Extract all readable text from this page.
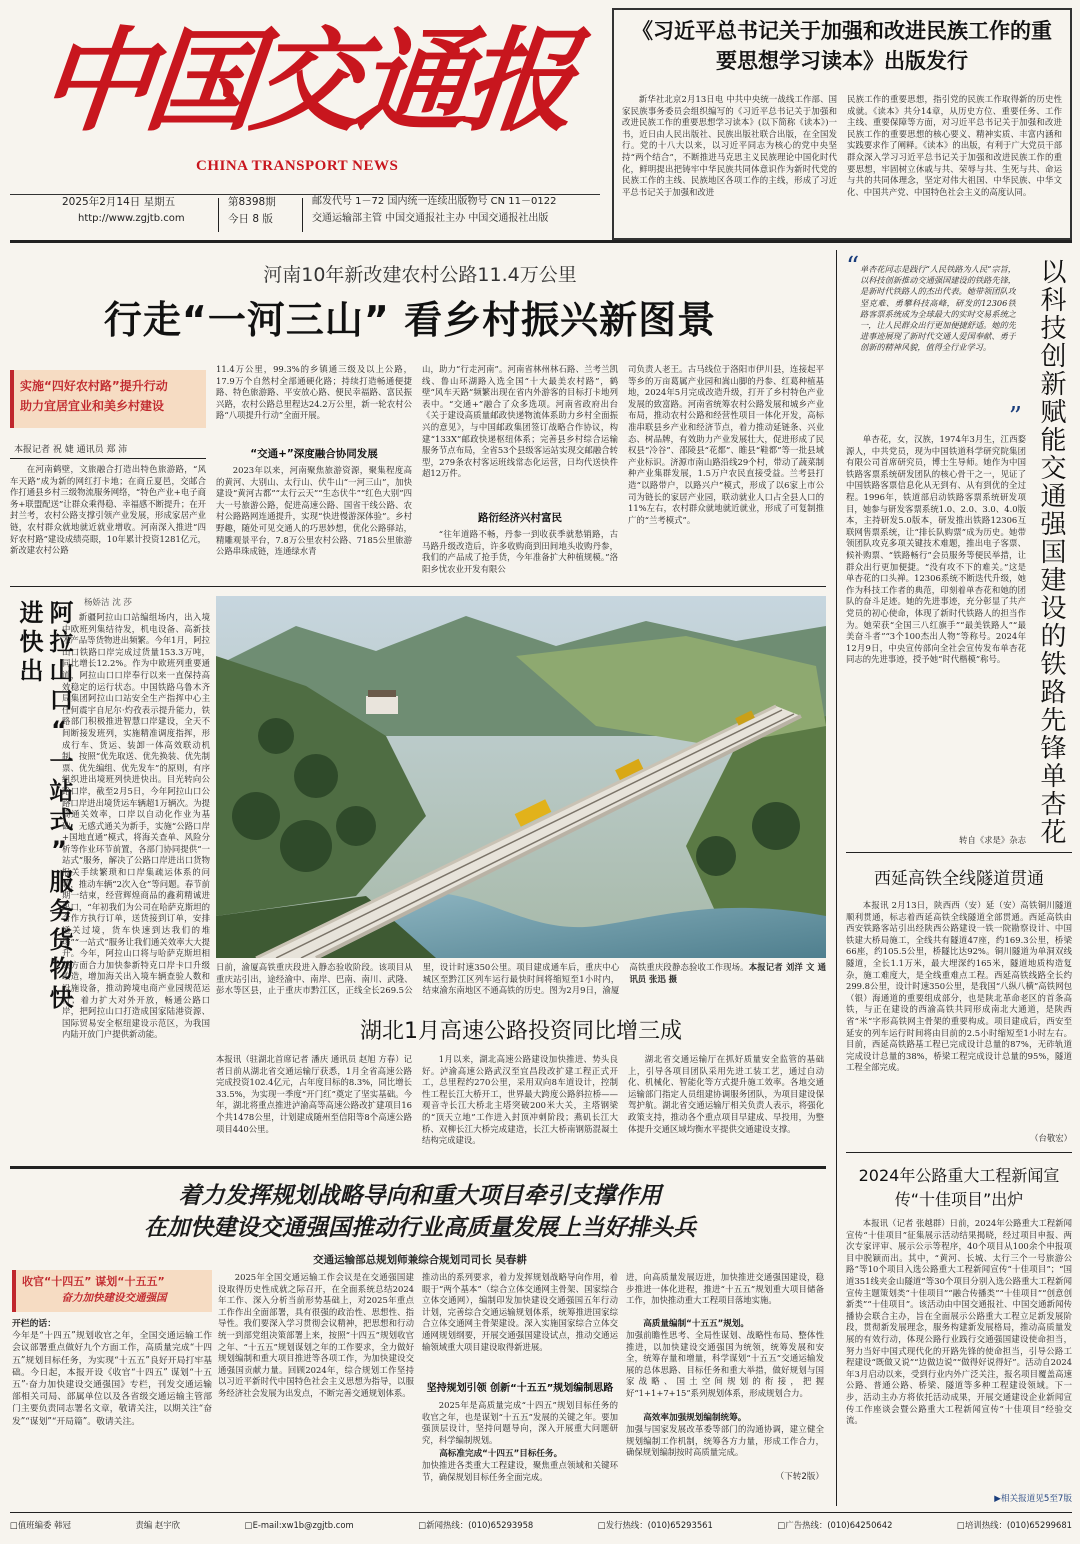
中国交通报
CHINA TRANSPORT NEWS
2025年2月14日 星期五
http://www.zgjtb.com
第8398期
今日 8 版
邮发代号 1－72 国内统一连续出版物号 CN 11－0122
交通运输部主管 中国交通报社主办 中国交通报社出版
《习近平总书记关于加强和改进民族工作的重要思想学习读本》出版发行
新华社北京2月13日电 中共中央统一战线工作部、国家民族事务委员会组织编写的《习近平总书记关于加强和改进民族工作的重要思想学习读本》(以下简称《读本》)一书，近日由人民出版社、民族出版社联合出版，在全国发行。党的十八大以来，以习近平同志为核心的党中央坚持“两个结合”，不断推进马克思主义民族理论中国化时代化，鲜明提出把铸牢中华民族共同体意识作为新时代党的民族工作的主线、民族地区各项工作的主线，形成了习近平总书记关于加强和改进
民族工作的重要思想，指引党的民族工作取得新的历史性成就。《读本》共分14章，从历史方位、重要任务、工作主线、重要保障等方面，对习近平总书记关于加强和改进民族工作的重要思想的核心要义、精神实质、丰富内涵和实践要求作了阐释。《读本》的出版，有利于广大党员干部群众深入学习习近平总书记关于加强和改进民族工作的重要思想，牢固树立休戚与共、荣辱与共、生死与共、命运与共的共同体理念，坚定对伟大祖国、中华民族、中华文化、中国共产党、中国特色社会主义的高度认同。
河南10年新改建农村公路11.4万公里
行走“一河三山” 看乡村振兴新图景
实施“四好农村路”提升行动
助力宜居宜业和美乡村建设
本报记者 祝 婕 通讯员 郑 沛
在河南鹤壁，文旅融合打造出特色旅游路，“风车天路”成为新的网红打卡地；在商丘夏邑，交邮合作打通县乡村三级物流服务网络，“特色产业+电子商务+联盟配送”让群众乘得稳、幸福感不断提升；在开封兰考，农村公路支撑引领产业发展，形成家居产业链，农村群众就地就近就业增收。河南深入推进“四好农村路”建设成绩亮眼，10年累计投资1281亿元，新改建农村公路
11.4万公里，99.3%的乡镇通三级及以上公路，17.9万个自然村全部通硬化路；持续打造畅通便捷路、特色旅游路、平安放心路、便民幸福路、富民振兴路，农村公路总里程达24.2万公里，新一轮农村公路“八项提升行动”全面开展。
“交通+”深度融合协同发展
2023年以来，河南聚焦旅游资源，聚集程度高的黄河、大别山、太行山、伏牛山“一河三山”，加快建设“黄河古都”“太行云天”“生态伏牛”“红色大别”四大一号旅游公路，促进高速公路、国省干线公路、农村公路路网连通提升，实现“快进慢游深体验”。乡村野趣，随处可见交通人的巧思妙想，优化公路驿站，精雕观景平台，7.8万公里农村公路、7185公里旅游公路串珠成链，连通绿水青
山，助力“行走河南”。河南省林州林石路、兰考兰凯线、鲁山环湖路入选全国“十大最美农村路”，鹤壁“风车天路”频繁出现在省内外游客的目标打卡地列表中。“交通+”融合了众多选项。河南省政府出台《关于建设高质量邮政快递物流体系助力乡村全面振兴的意见》，与中国邮政集团签订战略合作协议，构建“133X”邮政快递枢纽体系；完善县乡村综合运输服务节点布局，全省53个县级客运站实现交邮融合转型，279条农村客运班线常态化运营，日均代送快件超12万件。
路衍经济兴村富民
“往年道路不畅，丹参一到收获季就愁销路，古马路升级改造后，许多收购商到田间地头收购丹参，我们的产品成了抢手货，今年准备扩大种植规模。”洛阳乡忧农业开发有限公
司负责人老王。古马线位于洛阳市伊川县，连接起平等乡的万亩葛属产业园和嵩山脚的丹参、红葛种植基地，2024年5月完成改造升级，打开了乡村特色产业发展的致富路。河南省统筹农村公路发展和城乡产业布局，推动农村公路和经营性项目一体化开发，高标准串联县乡产业和经济节点，着力推动延链条、兴业态、树品牌，有效助力产业发展壮大，促进形成了民权县“冷谷”、邵陵县“花都”、睢县“鞋都”等一批县域产业标识。济源市南山路沿线29个村，带动了蔬菜制种产业集群发展，1.5万户农民直接受益。兰考县打造“以路带户，以路兴户”模式，形成了以6家上市公司为链长的家居产业园，联动就业人口占全县人口的11%左右，农村群众就地就近就业，形成了可复制推广的“兰考模式”。
阿拉山口“一站式”服务货物快进快出	杨娇洁 沈 莎
新疆阿拉山口站编组场内，出入境中欧班列集结待发，机电设备、高新技术产品等货物进出频繁。今年1月，阿拉山口铁路口岸完成过货量153.3万吨，同比增长12.2%。作为中欧班列重要通道，阿拉山口口岸奉行以来一直保持高效稳定的运行状态。中国铁路乌鲁木齐局集团阿拉山口站安全生产指挥中心主任何震宇自尼尔·灼孜表示提升能力，铁路部门积极推进智慧口岸建设，全天不间断接发班列，实施精准调度指挥，形成行车、货运、装卸一体高效联动机制，按照“优先取送、优先换装、优先制票、优先编组、优先发车”的原则，有序组织进出境班列快进快出。目光转向公路口岸，截至2月5日，今年阿拉山口公路口岸进出境货运车辆超1万辆次。为提高通关效率，口岸以自动化作业为基础、无感式通关为新手，实施“公路口岸+国地直通”模式，将海关查单、风险分析等作业环节前置，各部门协同提供“一站式”服务，解决了公路口岸进出口货物报关手续繁琐和口岸集疏运体系的问题，推动车辆“2次入仓”等问题。春节前期一结束，经营辉煌商品的鑫莉精诚进出口，“年初我们为公司在哈萨克斯坦的合作方执行订单，送货接到订单，安排通关过境，货车快速到达我们的堆场”“一站式”服务让我们通关效率大大提升。今年，阿拉山口将与哈萨克斯坦相关方面合力加快参新特克口岸卡口升级改造，增加海关出入境车辆查验人数和设施设备，推动跨境电商产业园规范运行；着力扩大对外开放，畅通公路口岸，把阿拉山口打造成国家陆港资源、国际贸易安全枢纽建设示范区，为我国内陆开放门户提供新动能。
日前，渝厦高铁重庆段进入静态验收阶段。该项目从重庆站引出，途经渝中、南岸、巴南、南川、武隆、彭水等区县，止于重庆市黔江区，正线全长269.5公里，设计时速350公里。项目建成通车后，重庆中心城区至黔江区列车运行最快时间将缩短至1小时内，结束渝东南地区不通高铁的历史。图为2月9日，渝厦高铁重庆段静态验收工作现场。本报记者 刘洋 文 通讯员 张迅 摄
湖北1月高速公路投资同比增三成
本报讯（驻湖北首席记者 潘庆 通讯员 赵旭 方春）记者日前从湖北省交通运输厅获悉，1月全省高速公路完成投资102.4亿元，占年度目标的8.3%，同比增长33.5%，为实现一季度“开门红”奠定了坚实基础。今年，湖北将重点推进泸渝高等高速公路改扩建项目16个共1478公里，计划建成随州至信阳等8个高速公路项目440公里。
1月以来，湖北高速公路建设加快推进、势头良好。泸渝高速公路武汉至宜昌段改扩建工程正式开工，总里程约270公里，采用双向8车道设计，控制性工程长江大桥开工，世界最大跨度公路斜拉桥——观音寺长江大桥北主塔突破200米大关，主塔钢梁的“顶天立地”工作进入封顶冲刺阶段；燕矶长江大桥、双柳长江大桥完成建造，长江大桥南钢筋混凝土结构完成建设。
湖北省交通运输厅在抓好质量安全监管的基础上，引导各项目团队采用先进工装工艺，通过自动化、机械化、智能化等方式提升施工效率。各地交通运输部门指定人员组建协调服务团队，为项目建设保驾护航。湖北省交通运输厅相关负责人表示，将强化政策支持，推动各个重点项目早建成、早投用，为整体提升交通区域均衡水平提供交通建设支撑。
着力发挥规划战略导向和重大项目牵引支撑作用
在加快建设交通强国推动行业高质量发展上当好排头兵
交通运输部总规划师兼综合规划司司长 吴春耕
收官“十四五” 谋划“十五五”
奋力加快建设交通强国
开栏的话：
今年是“十四五”规划收官之年，全国交通运输工作会议部署重点做好九个方面工作，高质量完成“十四五”规划目标任务，为实现“十五五”良好开局打牢基础。今日起，本报开设《收官“十四五” 谋划“十五五”·奋力加快建设交通强国》专栏，刊发交通运输部相关司局、部属单位以及各省级交通运输主管部门主要负责同志署名文章，敬请关注，以期关注“奋发”“谋划”“开局篇”。敬请关注。
2025年全国交通运输工作会议是在交通强国建设取得历史性成就之际召开，在全面系统总结2024年工作、深入分析当前形势基础上，对2025年重点工作作出全面部署，具有很强的政治性、思想性、指导性。我们要深入学习贯彻会议精神，把思想和行动统一到部党组决策部署上来，按照“十四五”规划收官之年、“十五五”规划谋划之年的工作要求，全力做好规划编制和重大项目推进等各项工作，为加快建设交通强国贡献力量。回顾2024年，综合规划工作坚持以习近平新时代中国特色社会主义思想为指导，以服务经济社会发展为出发点，不断完善交通规划体系。
推动出的系列要求，着力发挥规划战略导向作用，着眼于“两个基本”（综合立体交通网主骨架、国家综合立体交通网），编制印发加快建设交通强国五年行动计划，完善综合交通运输规划体系，统筹推进国家综合立体交通网主骨架建设。深入实施国家综合立体交通网规划纲要，开展交通强国建设试点，推动交通运输领域重大项目建设取得新进展。
坚持规划引领 创新“十五五”规划编制思路
2025年是高质量完成“十四五”规划目标任务的收官之年，也是谋划“十五五”发展的关键之年。要加强顶层设计，坚持问题导向，深入开展重大问题研究，科学编制规划。
高标准完成“十四五”目标任务。
加快推进各类重大工程建设，聚焦重点领域和关键环节，确保规划目标任务全面完成。
进，向高质量发展迈进，加快推进交通强国建设，稳步推进一体化进程，推进“十五五”规划重大项目储备工作，加快推动重大工程项目落地实施。
高质量编制“十五五”规划。
加强前瞻性思考、全局性谋划、战略性布局、整体性推进，以加快建设交通强国为统领，统筹发展和安全，统筹存量和增量，科学谋划“十五五”交通运输发展的总体思路、目标任务和重大举措，做好规划与国家战略、国土空间规划的衔接，把握好“1+1+7+15”系列规划体系，形成规划合力。
高效率加强规划编制统筹。
加强与国家发展改革委等部门的沟通协调，建立健全规划编制工作机制，统筹各方力量，形成工作合力，确保规划编制按时高质量完成。
（下转2版）
“ 单杏花同志是践行“人民铁路为人民”宗旨，以科技创新推动交通强国建设的铁路先锋，是新时代铁路人的杰出代表。她带领团队攻坚克难、勇攀科技高峰，研发的12306铁路客票系统成为全球最大的实时交易系统之一，让人民群众出行更加便捷舒适。她的先进事迹展现了新时代交通人爱国奉献、勇于创新的精神风貌，值得全行业学习。
” 以科技创新赋能交通强国建设的铁路先锋单杏花
单杏花，女，汉族，1974年3月生，江西婺源人，中共党员，现为中国铁道科学研究院集团有限公司首席研究员，博士生导师。她作为中国铁路客票系统研发团队的核心骨干之一，见证了中国铁路客票信息化从无到有、从有到优的全过程。1996年，铁道部启动铁路客票系统研发项目，她参与研发客票系统1.0、2.0、3.0、4.0版本，主持研发5.0版本，研发推出铁路12306互联网售票系统，让“排长队购票”成为历史。她带领团队攻克多项关键技术难题，推出电子客票、候补购票、“铁路畅行”会员服务等便民举措，让群众出行更加便捷。“没有攻不下的难关。”这是单杏花的口头禅。12306系统不断迭代升级，她作为科技工作者的典范，印刻着单杏花和她的团队的奋斗足迹。她的先进事迹，充分彰显了共产党员的初心使命，体现了新时代铁路人的担当作为。她荣获“全国三八红旗手”“最美铁路人”“最美奋斗者”“3个100杰出人物”等称号。2024年12月9日，中央宣传部向全社会宣传发布单杏花同志的先进事迹，授予她“时代楷模”称号。
转自《求是》杂志
西延高铁全线隧道贯通
本报讯 2月13日，陕西西（安）延（安）高铁铜川隧道顺利贯通，标志着西延高铁全线隧道全部贯通。西延高铁由西安铁路客站引出经陕西公路建设一铁一院勘察设计、中国铁建大桥局施工，全线共有隧道47座，约169.3公里，桥梁66座，约105.5公里，桥隧比达92%。铜川隧道为单洞双线隧道，全长1.1万米，最大埋深约165米，隧道地质构造复杂，施工难度大，是全线重难点工程。西延高铁线路全长约299.8公里，设计时速350公里，是我国“八纵八横”高铁网包（银）海通道的重要组成部分，也是陕北革命老区的首条高铁，与正在建设的西渝高铁共同形成南北大通道，是陕西省“米”字形高铁网主骨架的重要构成。项目建成后，西安至延安的列车运行时间将由目前的2.5小时缩短至1小时左右。目前，西延高铁路基工程已完成设计总量的87%，无砟轨道完成设计总量的38%，桥梁工程完成设计总量的95%，隧道工程全部完成。
（台敬宏）
2024年公路重大工程新闻宣传“十佳项目”出炉
本报讯（记者 张越群）日前，2024年公路重大工程新闻宣传“十佳项目”征集展示活动结果揭晓，经过项目申报、两次专家评审、展示公示等程序，40个项目从100余个申报项目中脱颖而出。其中，“黄河、长城、太行三个一号旅游公路”等10个项目入选公路重大工程新闻宣传“十佳项目”；“国道351线夹金山隧道”等30个项目分别入选公路重大工程新闻宣传主题策划类“十佳项目”“融合传播类”“十佳项目”“创意创新类”“十佳项目”。该活动由中国交通报社、中国交通新闻传播协会联合主办，旨在全面展示公路重大工程立足新发展阶段，贯彻新发展理念，服务构建新发展格局，推动高质量发展的有效行动，体现公路行业践行交通强国建设使命担当，努力当好中国式现代化的开路先锋的使命担当，引导公路工程建设“既做又说”“边做边说”“做得好说得好”。活动自2024年3月启动以来，受到行业内外广泛关注，报名项目覆盖高速公路、普通公路、桥梁、隧道等多种工程建设领域。下一步，活动主办方将依托活动成果，开展交通建设企业新闻宣传工作座谈会暨公路重大工程新闻宣传“十佳项目”经验交流。
▶相关报道见5至7版
□值班编委 韩冠	责编 赵宇欣	□E-mail:xw1b@zgjtb.com	□新闻热线：(010)65293958	□发行热线：(010)65293561	□广告热线：(010)64250642	□培训热线：(010)65299681
